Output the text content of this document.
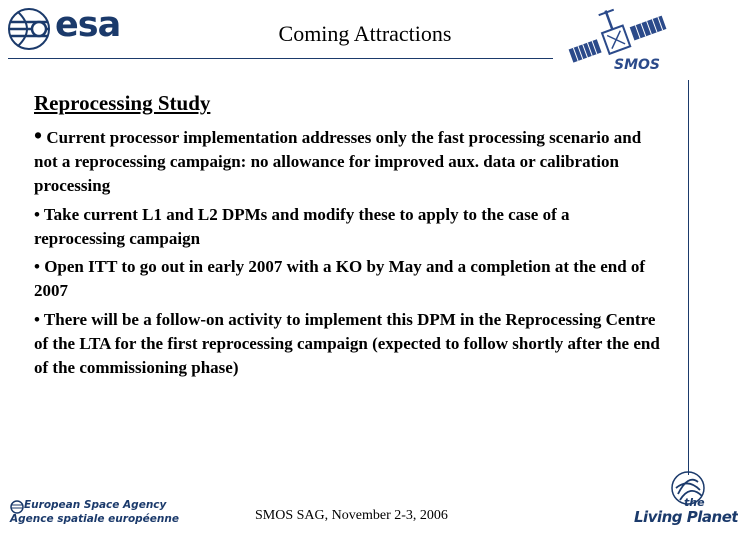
esa	Coming Attractions
SMOS
Reprocessing Study
• Current processor implementation addresses only the fast processing scenario and not a reprocessing campaign: no allowance for improved aux. data or calibration processing
• Take current L1 and L2 DPMs and modify these to apply to the case of a reprocessing campaign
• Open ITT to go out in early 2007 with a KO by May and a completion at the end of 2007
• There will be a follow-on activity to implement this DPM in the Reprocessing Centre of the LTA for the first reprocessing campaign (expected to follow shortly after the end of the commissioning phase)
European Space Agency
Agence spatiale européenne	SMOS SAG, November 2-3, 2006
the
Living Planet
